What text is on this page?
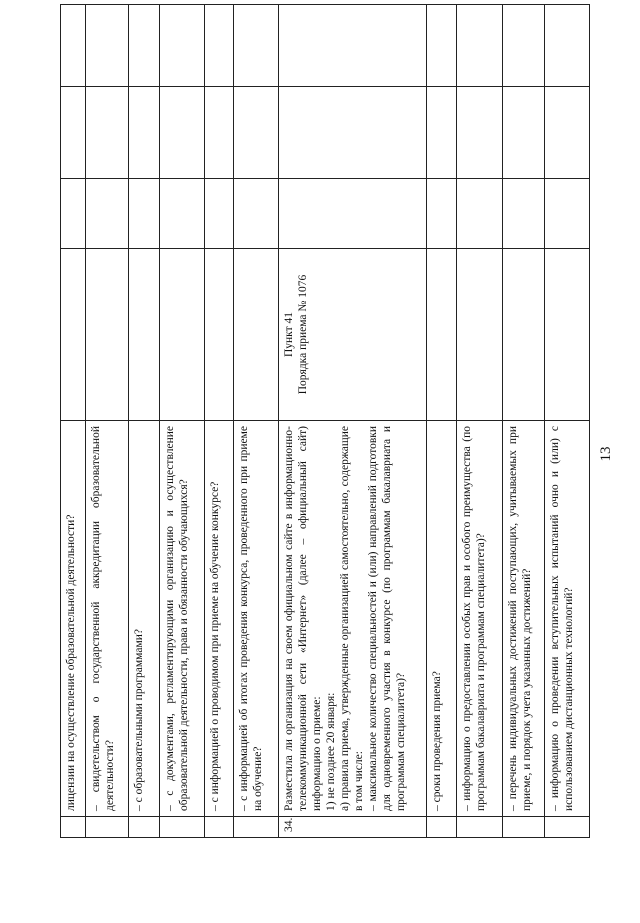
13

	лицензии на осуществление образовательной деятельности?				

	– свидетельством о государственной аккредитации образовательной деятельности?				

	– с образовательными программами?				

	– с документами, регламентирующими организацию и осуществление образовательной деятельности, права и обязанности обучающихся?				

	– с информацией о проводимом при приеме на обучение конкурсе?				

	– с информацией об итогах проведения конкурса, проведенного при приеме на обучение?				

34.	Разместила ли организация на своем официальном сайте в информационно-телекоммуникационной сети «Интернет» (далее – официальный сайт) информацию о приеме: 1) не позднее 20 января: а) правила приема, утвержденные организацией самостоятельно, содержащие в том числе: – максимальное количество специальностей и (или) направлений подготовки для одновременного участия в конкурсе (по программам бакалавриата и программам специалитета)?	Пункт 41 Порядка приема № 1076			

	– сроки проведения приема?				

	– информацию о предоставлении особых прав и особого преимущества (по программам бакалавриата и программам специалитета)?				

	– перечень индивидуальных достижений поступающих, учитываемых при приеме, и порядок учета указанных достижений?				

	– информацию о проведении вступительных испытаний очно и (или) с использованием дистанционных технологий?				
